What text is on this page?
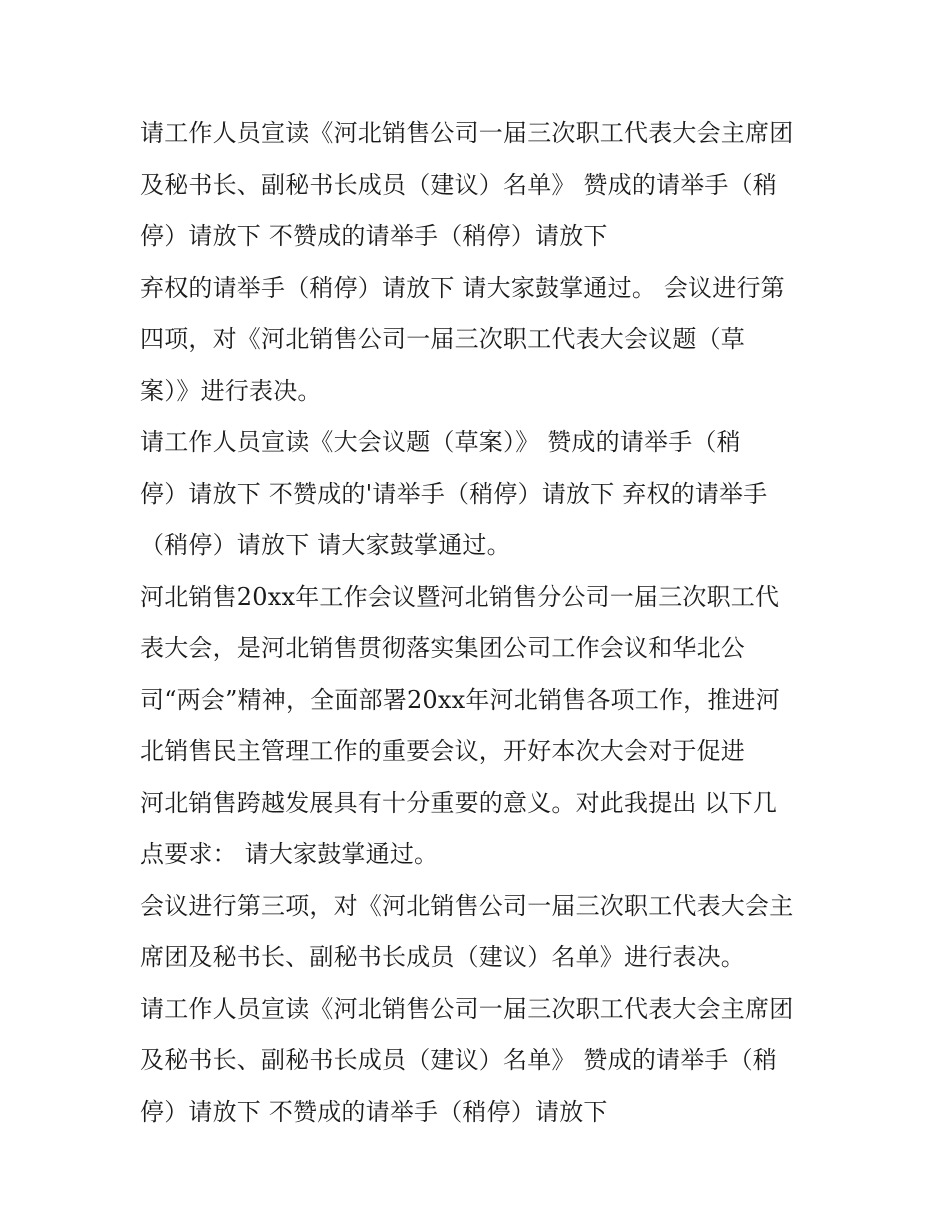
请工作人员宣读《河北销售公司一届三次职工代表大会主席团
及秘书长、副秘书长成员（建议）名单》 赞成的请举手（稍
停）请放下 不赞成的请举手（稍停）请放下
弃权的请举手（稍停）请放下 请大家鼓掌通过。 会议进行第
四项，对《河北销售公司一届三次职工代表大会议题（草
案）》进行表决。
请工作人员宣读《大会议题（草案）》 赞成的请举手（稍
停）请放下 不赞成的'请举手（稍停）请放下 弃权的请举手
（稍停）请放下 请大家鼓掌通过。
河北销售20xx年工作会议暨河北销售分公司一届三次职工代
表大会，是河北销售贯彻落实集团公司工作会议和华北公
司“两会”精神，全面部署20xx年河北销售各项工作，推进河
北销售民主管理工作的重要会议，开好本次大会对于促进
河北销售跨越发展具有十分重要的意义。对此我提出 以下几
点要求： 请大家鼓掌通过。
会议进行第三项，对《河北销售公司一届三次职工代表大会主
席团及秘书长、副秘书长成员（建议）名单》进行表决。
请工作人员宣读《河北销售公司一届三次职工代表大会主席团
及秘书长、副秘书长成员（建议）名单》 赞成的请举手（稍
停）请放下 不赞成的请举手（稍停）请放下
